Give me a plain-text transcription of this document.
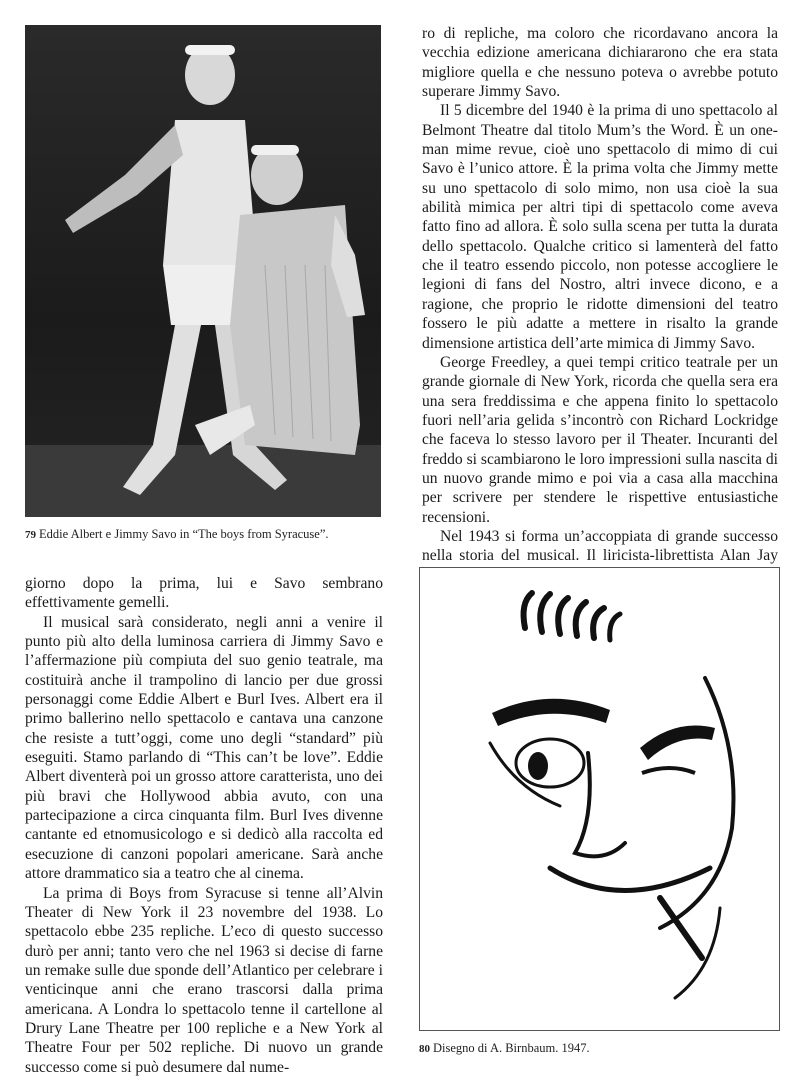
79 Eddie Albert e Jimmy Savo in “The boys from Syracuse”.

ro di repliche, ma coloro che ricordavano ancora la vecchia edizione americana dichiararono che era stata migliore quella e che nessuno poteva o avrebbe potuto superare Jimmy Savo.

Il 5 dicembre del 1940 è la prima di uno spettacolo al Belmont Theatre dal titolo Mum’s the Word. È un one-man mime revue, cioè uno spettacolo di mimo di cui Savo è l’unico attore. È la prima volta che Jimmy mette su uno spettacolo di solo mimo, non usa cioè la sua abilità mimica per altri tipi di spettacolo come aveva fatto fino ad allora. È solo sulla scena per tutta la durata dello spettacolo. Qualche critico si lamenterà del fatto che il teatro essendo piccolo, non potesse accogliere le legioni di fans del Nostro, altri invece dicono, e a ragione, che proprio le ridotte dimensioni del teatro fossero le più adatte a mettere in risalto la grande dimensione artistica dell’arte mimica di Jimmy Savo.

George Freedley, a quei tempi critico teatrale per un grande giornale di New York, ricorda che quella sera era una sera freddissima e che appena finito lo spettacolo fuori nell’aria gelida s’incontrò con Richard Lockridge che faceva lo stesso lavoro per il Theater. Incuranti del freddo si scambiarono le loro impressioni sulla nascita di un nuovo grande mimo e poi via a casa alla macchina per scrivere per stendere le rispettive entusiastiche recensioni.

Nel 1943 si forma un’accoppiata di grande successo nella storia del musical. Il liricista-librettista Alan Jay

giorno dopo la prima, lui e Savo sembrano effettivamente gemelli.

Il musical sarà considerato, negli anni a venire il punto più alto della luminosa carriera di Jimmy Savo e l’affermazione più compiuta del suo genio teatrale, ma costituirà anche il trampolino di lancio per due grossi personaggi come Eddie Albert e Burl Ives. Albert era il primo ballerino nello spettacolo e cantava una canzone che resiste a tutt’oggi, come uno degli “standard” più eseguiti. Stamo parlando di “This can’t be love”. Eddie Albert diventerà poi un grosso attore caratterista, uno dei più bravi che Hollywood abbia avuto, con una partecipazione a circa cinquanta film. Burl Ives divenne cantante ed etnomusicologo e si dedicò alla raccolta ed esecuzione di canzoni popolari americane. Sarà anche attore drammatico sia a teatro che al cinema.

La prima di Boys from Syracuse si tenne all’Alvin Theater di New York il 23 novembre del 1938. Lo spettacolo ebbe 235 repliche. L’eco di questo successo durò per anni; tanto vero che nel 1963 si decise di farne un remake sulle due sponde dell’Atlantico per celebrare i venticinque anni che erano trascorsi dalla prima americana. A Londra lo spettacolo tenne il cartellone al Drury Lane Theatre per 100 repliche e a New York al Theatre Four per 502 repliche. Di nuovo un grande successo come si può desumere dal nume-

80 Disegno di A. Birnbaum. 1947.
